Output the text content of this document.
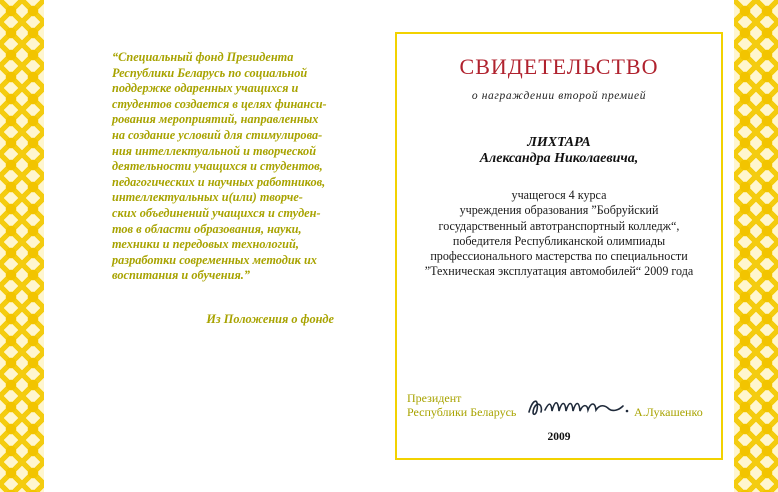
“Специальный фонд Президента
Республики Беларусь по социальной
поддержке одаренных учащихся и
студентов создается в целях финанси-
рования мероприятий, направленных
на создание условий для стимулирова-
ния интеллектуальной и творческой
деятельности учащихся и студентов,
педагогических и научных работников,
интеллектуальных и(или) творче-
ских объединений учащихся и студен-
тов в области образования, науки,
техники и передовых технологий,
разработки современных методик их
воспитания и обучения.”
Из Положения о фонде
СВИДЕТЕЛЬСТВО
о награждении второй премией
ЛИХТАРА
Александра Николаевича,
учащегося 4 курса
учреждения образования ”Бобруйский
государственный автотранспортный колледж“,
победителя Республиканской олимпиады
профессионального мастерства по специальности
”Техническая эксплуатация автомобилей“ 2009 года
Президент
Республики Беларусь	А.Лукашенко
2009
